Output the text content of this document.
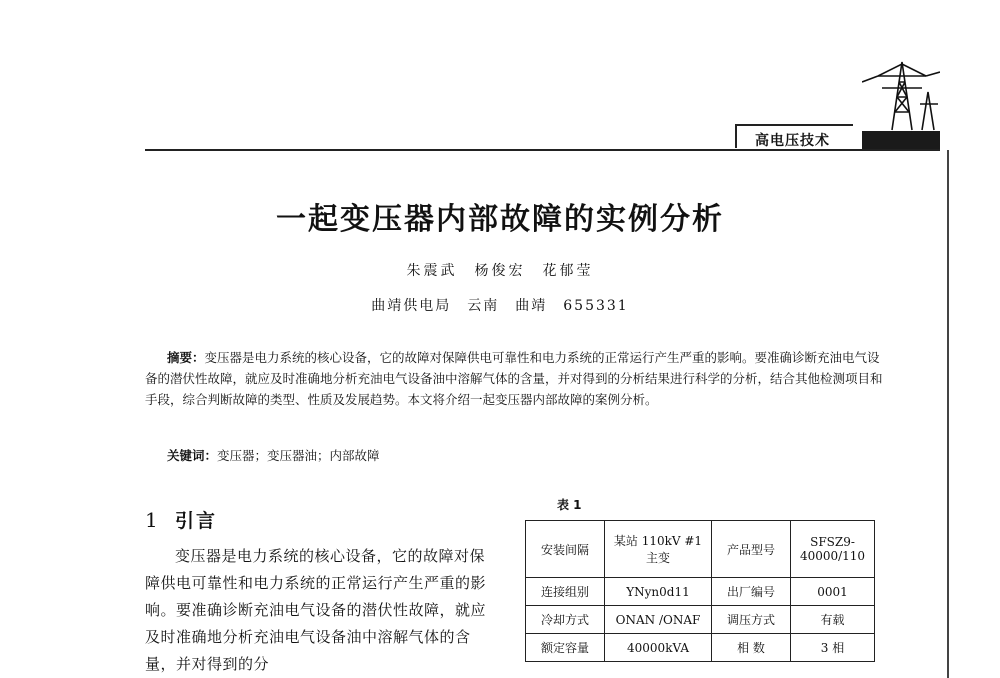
高电压技术
一起变压器内部故障的实例分析
朱震武　杨俊宏　花郁莹
曲靖供电局　云南　曲靖　655331

摘要：变压器是电力系统的核心设备，它的故障对保障供电可靠性和电力系统的正常运行产生严重的影响。要准确诊断充油电气设备的潜伏性故障，就应及时准确地分析充油电气设备油中溶解气体的含量，并对得到的分析结果进行科学的分析，结合其他检测项目和手段，综合判断故障的类型、性质及发展趋势。本文将介绍一起变压器内部故障的案例分析。

关键词：变压器；变压器油；内部故障
1 引言

变压器是电力系统的核心设备，它的故障对保障供电可靠性和电力系统的正常运行产生严重的影响。要准确诊断充油电气设备的潜伏性故障，就应及时准确地分析充油电气设备油中溶解气体的含量，并对得到的分

表 1
安装间隔	某站 110kV #1 主变	产品型号	SFSZ9-40000/110
连接组别	YNyn0d11	出厂编号	0001
冷却方式	ONAN /ONAF	调压方式	有载
额定容量	40000kVA	相 数	3 相
